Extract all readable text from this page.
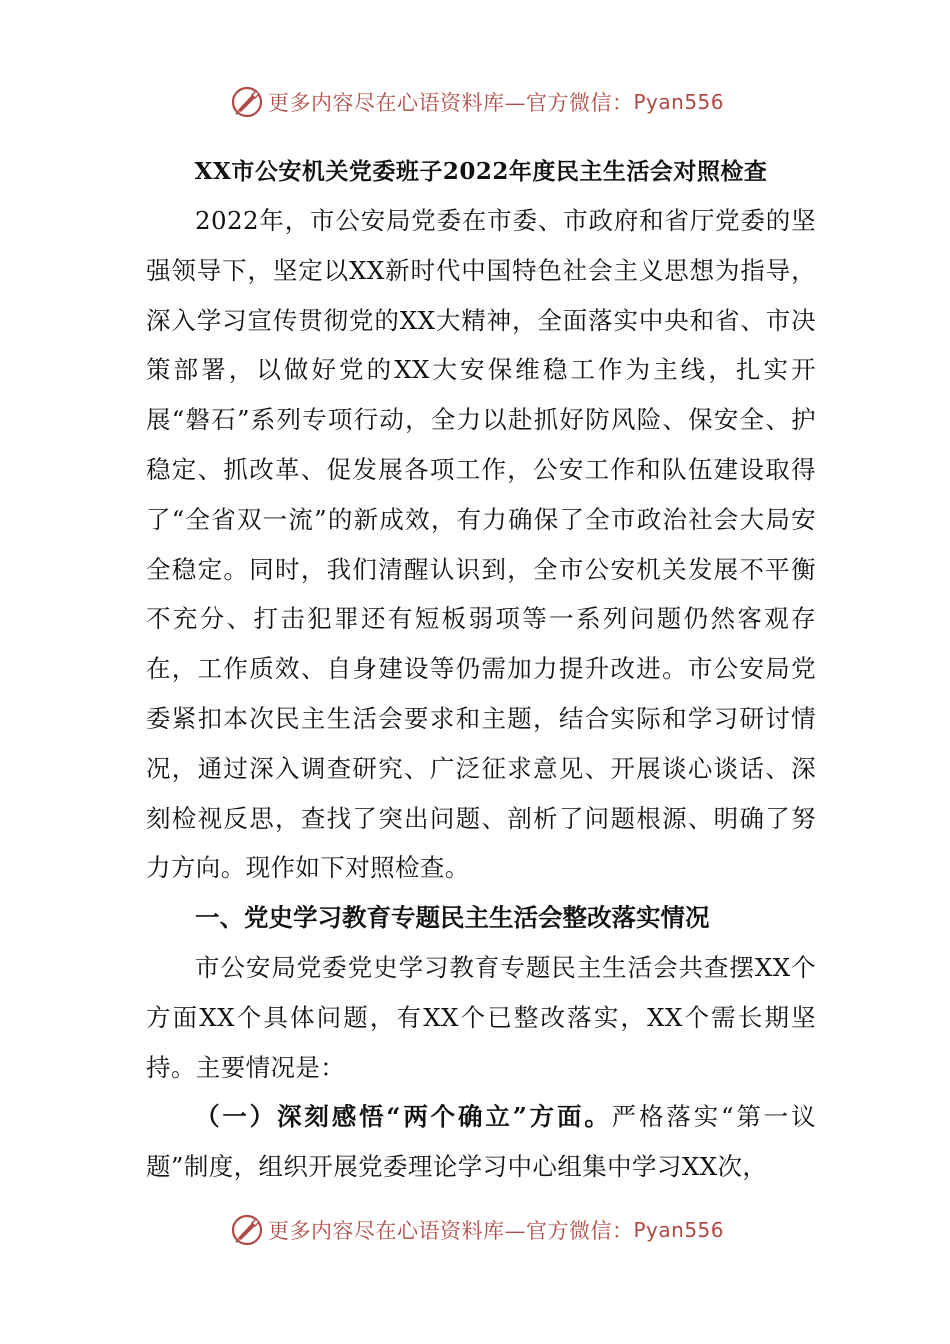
更多内容尽在心语资料库—官方微信： Pyan556
XX市公安机关党委班子2022年度民主生活会对照检查

2022年，市公安局党委在市委、市政府和省厅党委的坚强领导下，坚定以XX新时代中国特色社会主义思想为指导，深入学习宣传贯彻党的XX大精神，全面落实中央和省、市决策部署，以做好党的XX大安保维稳工作为主线，扎实开展“磐石”系列专项行动，全力以赴抓好防风险、保安全、护稳定、抓改革、促发展各项工作，公安工作和队伍建设取得了“全省双一流”的新成效，有力确保了全市政治社会大局安全稳定。同时，我们清醒认识到，全市公安机关发展不平衡不充分、打击犯罪还有短板弱项等一系列问题仍然客观存在，工作质效、自身建设等仍需加力提升改进。市公安局党委紧扣本次民主生活会要求和主题，结合实际和学习研讨情况，通过深入调查研究、广泛征求意见、开展谈心谈话、深刻检视反思，查找了突出问题、剖析了问题根源、明确了努力方向。现作如下对照检查。

一、党史学习教育专题民主生活会整改落实情况

市公安局党委党史学习教育专题民主生活会共查摆XX个方面XX个具体问题，有XX个已整改落实，XX个需长期坚持。主要情况是：

（一）深刻感悟“两个确立”方面。严格落实“第一议题”制度，组织开展党委理论学习中心组集中学习XX次，

更多内容尽在心语资料库—官方微信： Pyan556
